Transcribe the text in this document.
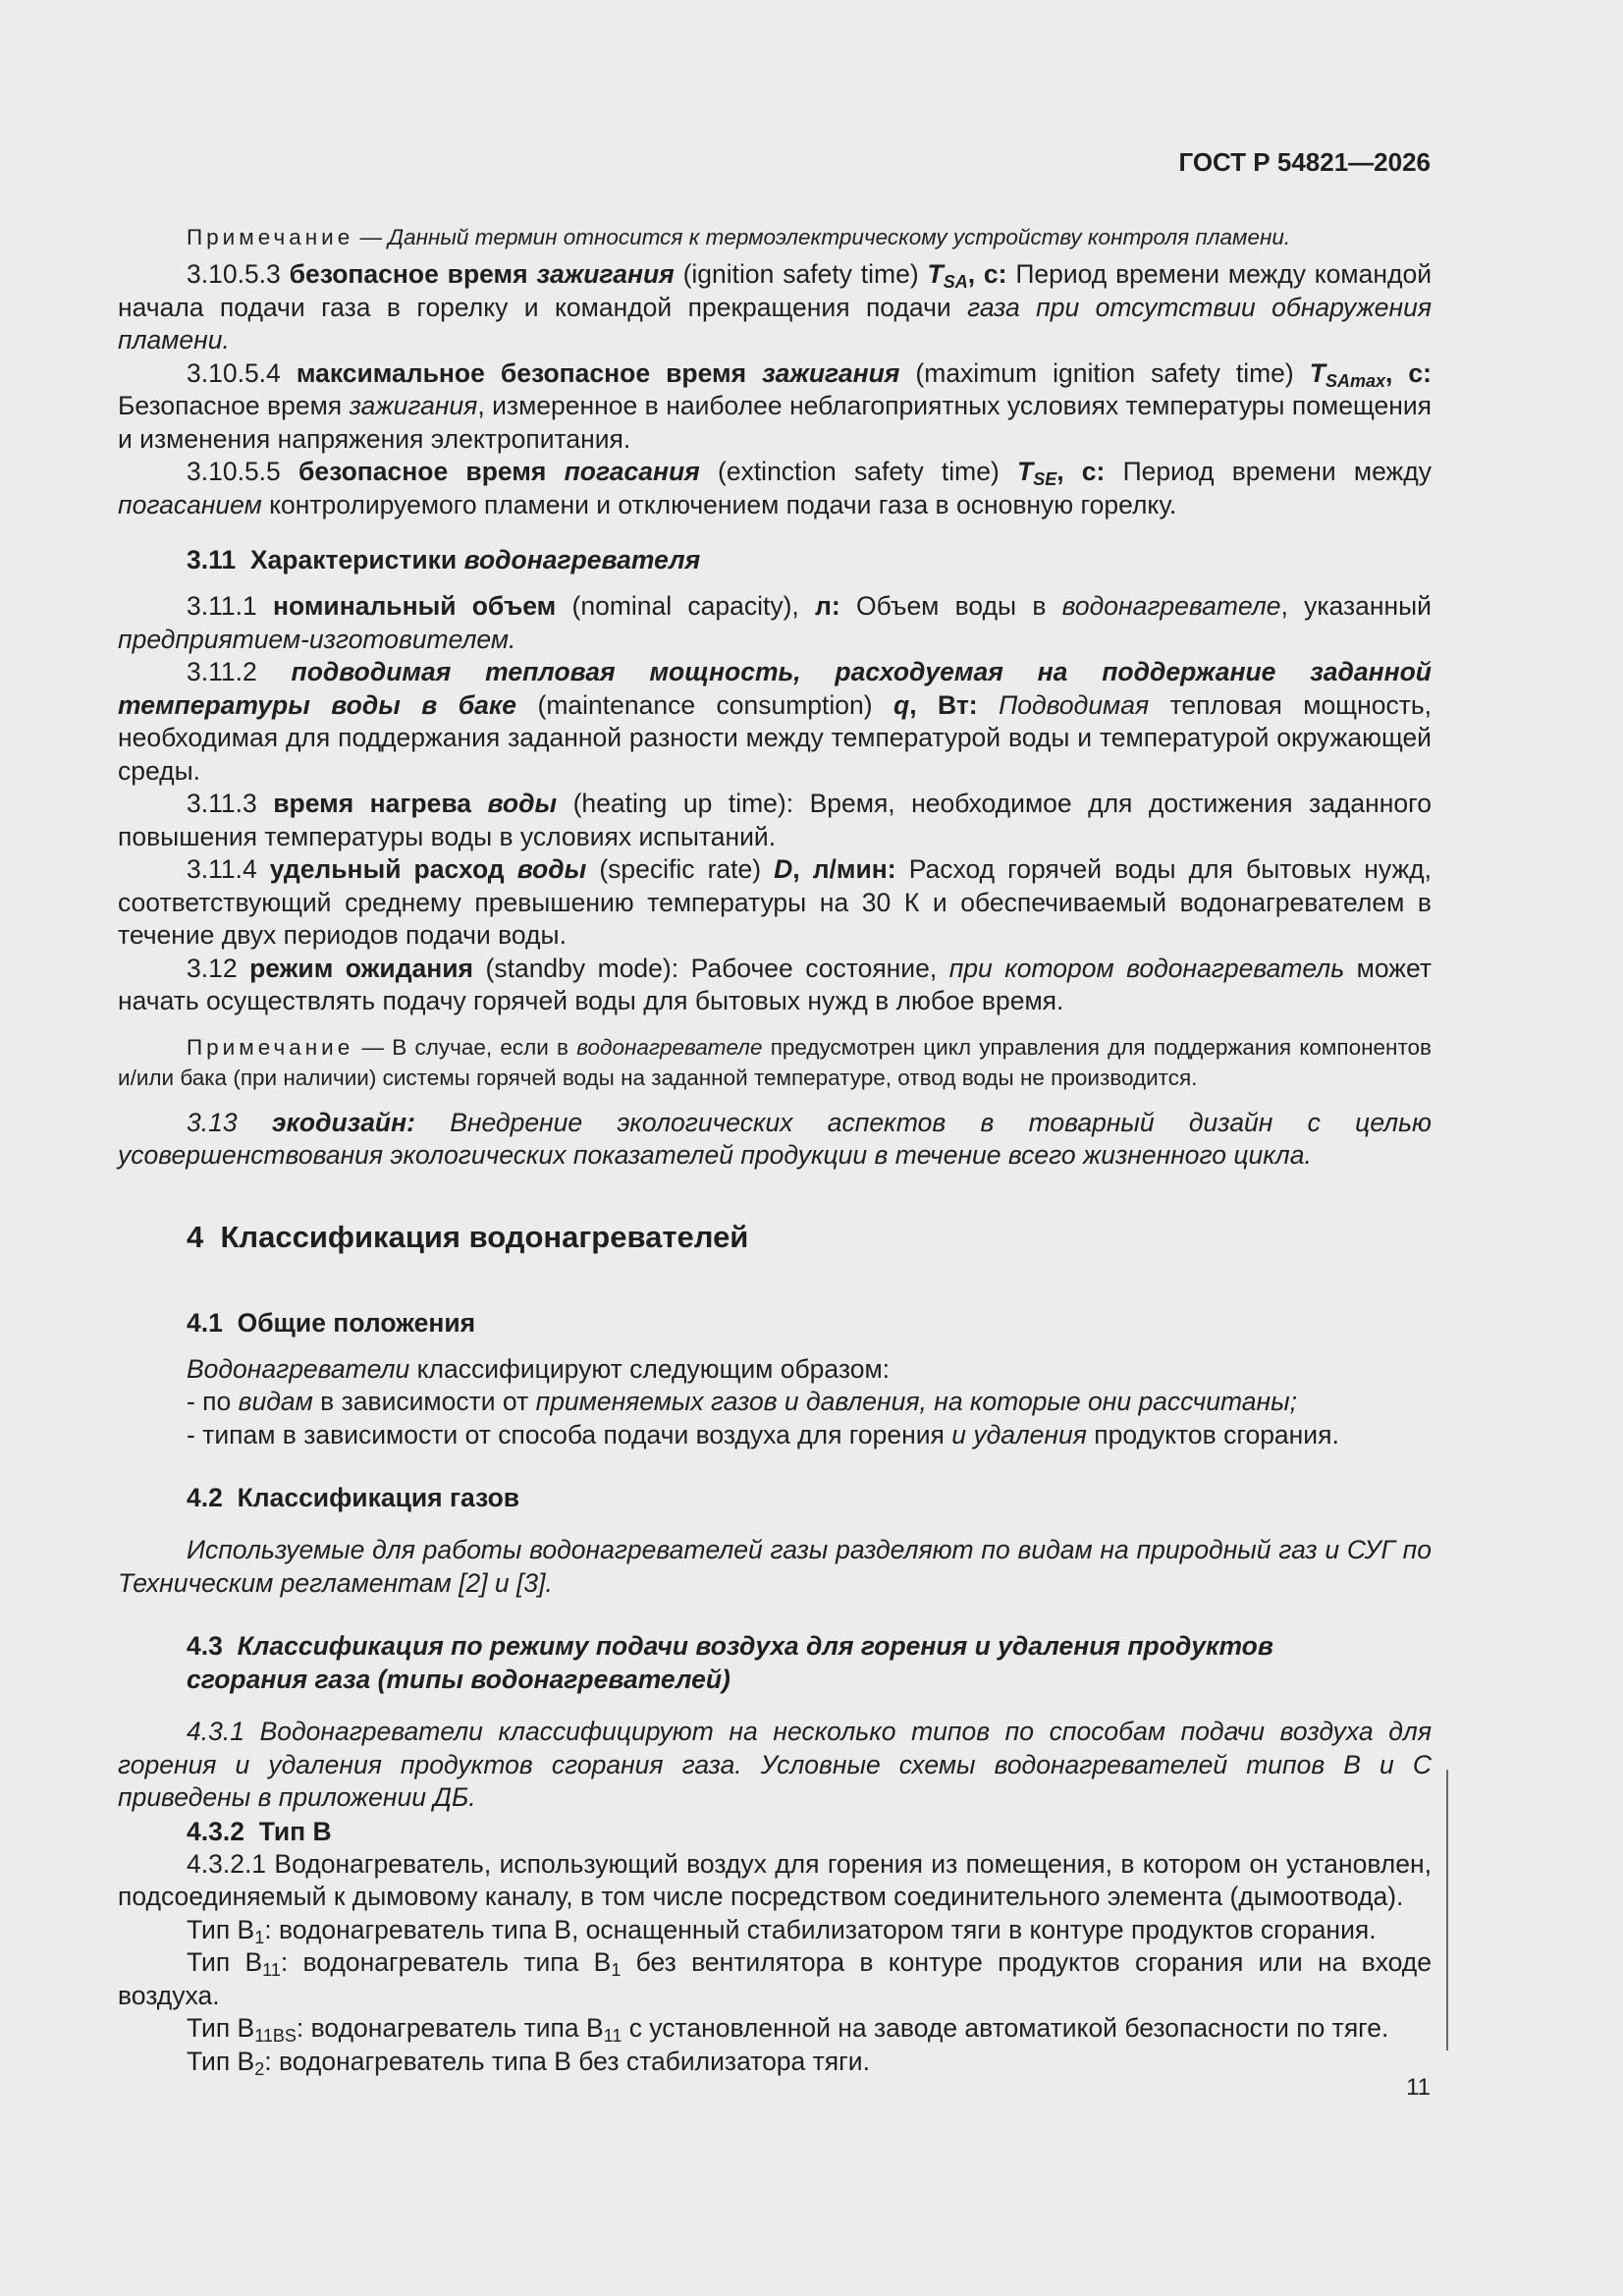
ГОСТ Р 54821—2026

Примечание — Данный термин относится к термоэлектрическому устройству контроля пламени.

3.10.5.3 безопасное время зажигания (ignition safety time) $T_{SA}$, с: Период времени между командой начала подачи газа в горелку и командой прекращения подачи газа при отсутствии обнаружения пламени.

3.10.5.4 максимальное безопасное время зажигания (maximum ignition safety time) $T_{SAmax}$, с: Безопасное время зажигания, измеренное в наиболее неблагоприятных условиях температуры помещения и изменения напряжения электропитания.

3.10.5.5 безопасное время погасания (extinction safety time) $T_{SE}$, с: Период времени между погасанием контролируемого пламени и отключением подачи газа в основную горелку.

3.11 Характеристики водонагревателя

3.11.1 номинальный объем (nominal capacity), л: Объем воды в водонагревателе, указанный предприятием-изготовителем.

3.11.2 подводимая тепловая мощность, расходуемая на поддержание заданной температуры воды в баке (maintenance consumption) q, Вт: Подводимая тепловая мощность, необходимая для поддержания заданной разности между температурой воды и температурой окружающей среды.

3.11.3 время нагрева воды (heating up time): Время, необходимое для достижения заданного повышения температуры воды в условиях испытаний.

3.11.4 удельный расход воды (specific rate) D, л/мин: Расход горячей воды для бытовых нужд, соответствующий среднему превышению температуры на 30 К и обеспечиваемый водонагревателем в течение двух периодов подачи воды.

3.12 режим ожидания (standby mode): Рабочее состояние, при котором водонагреватель может начать осуществлять подачу горячей воды для бытовых нужд в любое время.

Примечание — В случае, если в водонагревателе предусмотрен цикл управления для поддержания компонентов и/или бака (при наличии) системы горячей воды на заданной температуре, отвод воды не производится.

3.13 экодизайн: Внедрение экологических аспектов в товарный дизайн с целью усовершенствования экологических показателей продукции в течение всего жизненного цикла.

4 Классификация водонагревателей
4.1 Общие положения

Водонагреватели классифицируют следующим образом:

- по видам в зависимости от применяемых газов и давления, на которые они рассчитаны;

- типам в зависимости от способа подачи воздуха для горения и удаления продуктов сгорания.

4.2 Классификация газов

Используемые для работы водонагревателей газы разделяют по видам на природный газ и СУГ по Техническим регламентам [2] и [3].

4.3 Классификация по режиму подачи воздуха для горения и удаления продуктов сгорания газа (типы водонагревателей)

4.3.1 Водонагреватели классифицируют на несколько типов по способам подачи воздуха для горения и удаления продуктов сгорания газа. Условные схемы водонагревателей типов В и С приведены в приложении ДБ.

4.3.2 Тип В

4.3.2.1 Водонагреватель, использующий воздух для горения из помещения, в котором он установлен, подсоединяемый к дымовому каналу, в том числе посредством соединительного элемента (дымоотвода).

Тип $В_1$: водонагреватель типа В, оснащенный стабилизатором тяги в контуре продуктов сгорания.

Тип $В_{11}$: водонагреватель типа $В_1$ без вентилятора в контуре продуктов сгорания или на входе воздуха.

Тип $В_{11BS}$: водонагреватель типа $В_{11}$ с установленной на заводе автоматикой безопасности по тяге.

Тип $В_2$: водонагреватель типа В без стабилизатора тяги.

11
